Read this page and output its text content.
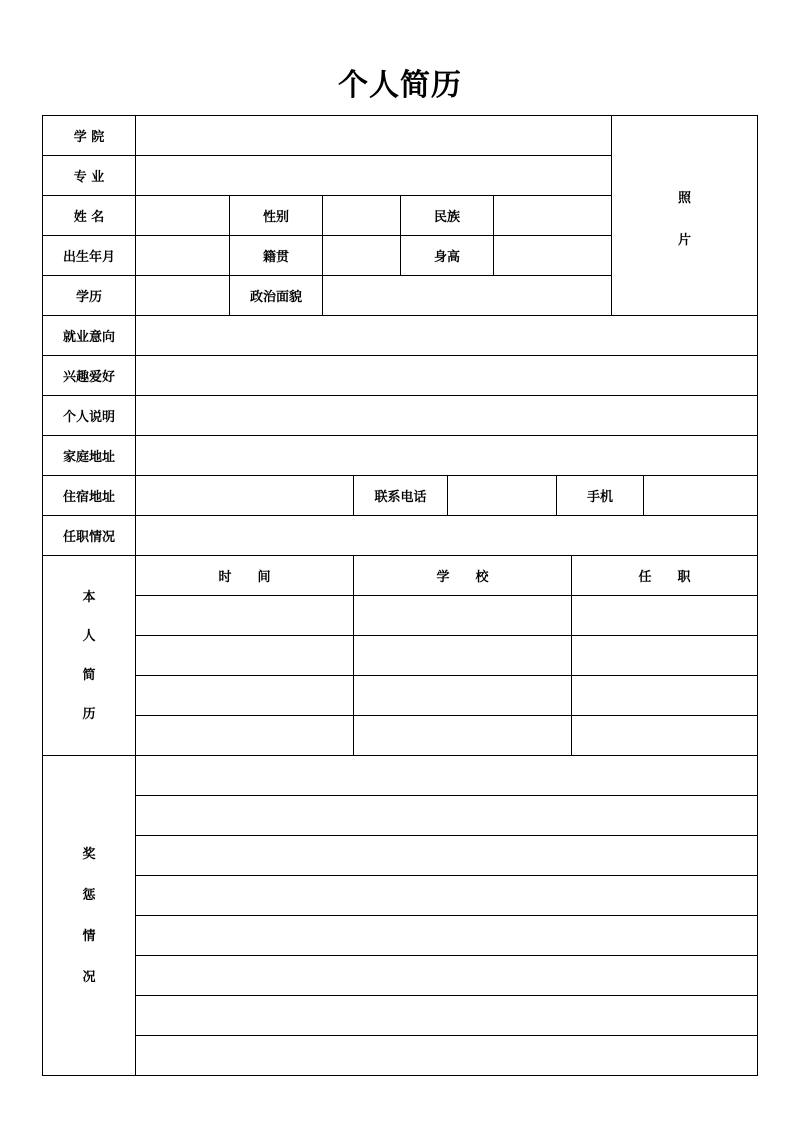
个人简历
学 院
专 业
姓 名	性别	民族
出生年月	籍贯	身高
学历	政治面貌
照
片
就业意向
兴趣爱好
个人说明
家庭地址
住宿地址	联系电话	手机
任职情况
本
人
简
历
时　　间	学　　校	任　　职
奖
惩
情
况
